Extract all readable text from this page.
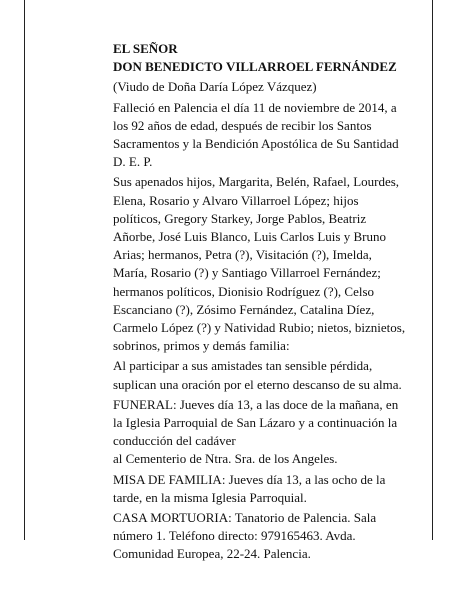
EL SEÑOR
DON BENEDICTO VILLARROEL FERNÁNDEZ
(Viudo de Doña Daría López Vázquez)
Falleció en Palencia el día 11 de noviembre de 2014, a
los 92 años de edad, después de recibir los Santos
Sacramentos y la Bendición Apostólica de Su Santidad
D. E. P.
Sus apenados hijos, Margarita, Belén, Rafael, Lourdes,
Elena, Rosario y Alvaro Villarroel López; hijos
políticos, Gregory Starkey, Jorge Pablos, Beatriz
Añorbe, José Luis Blanco, Luis Carlos Luis y Bruno
Arias; hermanos, Petra (?), Visitación (?), Imelda,
María, Rosario (?) y Santiago Villarroel Fernández;
hermanos políticos, Dionisio Rodríguez (?), Celso
Escanciano (?), Zósimo Fernández, Catalina Díez,
Carmelo López (?) y Natividad Rubio; nietos, biznietos,
sobrinos, primos y demás familia:
Al participar a sus amistades tan sensible pérdida,
suplican una oración por el eterno descanso de su alma.
FUNERAL: Jueves día 13, a las doce de la mañana, en
la Iglesia Parroquial de San Lázaro y a continuación la
conducción del cadáver
al Cementerio de Ntra. Sra. de los Angeles.
MISA DE FAMILIA: Jueves día 13, a las ocho de la
tarde, en la misma Iglesia Parroquial.
CASA MORTUORIA: Tanatorio de Palencia. Sala
número 1. Teléfono directo: 979165463. Avda.
Comunidad Europea, 22-24. Palencia.
